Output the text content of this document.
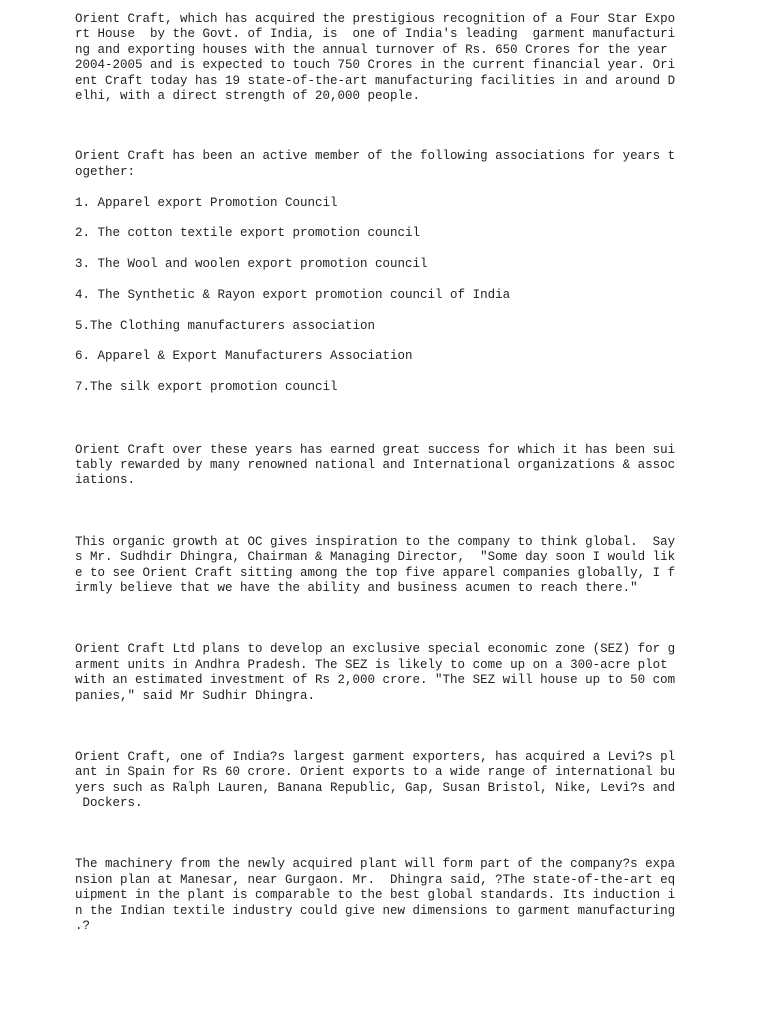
Orient Craft, which has acquired the prestigious recognition of a Four Star Expo
rt House  by the Govt. of India, is  one of India's leading  garment manufacturi
ng and exporting houses with the annual turnover of Rs. 650 Crores for the year
2004-2005 and is expected to touch 750 Crores in the current financial year. Ori
ent Craft today has 19 state-of-the-art manufacturing facilities in and around D
elhi, with a direct strength of 20,000 people.
Orient Craft has been an active member of the following associations for years t
ogether:
1. Apparel export Promotion Council
2. The cotton textile export promotion council
3. The Wool and woolen export promotion council
4. The Synthetic & Rayon export promotion council of India
5.The Clothing manufacturers association
6. Apparel & Export Manufacturers Association
7.The silk export promotion council
Orient Craft over these years has earned great success for which it has been sui
tably rewarded by many renowned national and International organizations & assoc
iations.
This organic growth at OC gives inspiration to the company to think global.  Say
s Mr. Sudhdir Dhingra, Chairman & Managing Director,  "Some day soon I would lik
e to see Orient Craft sitting among the top five apparel companies globally, I f
irmly believe that we have the ability and business acumen to reach there."
Orient Craft Ltd plans to develop an exclusive special economic zone (SEZ) for g
arment units in Andhra Pradesh. The SEZ is likely to come up on a 300-acre plot
with an estimated investment of Rs 2,000 crore. "The SEZ will house up to 50 com
panies," said Mr Sudhir Dhingra.
Orient Craft, one of India?s largest garment exporters, has acquired a Levi?s pl
ant in Spain for Rs 60 crore. Orient exports to a wide range of international bu
yers such as Ralph Lauren, Banana Republic, Gap, Susan Bristol, Nike, Levi?s and
Dockers.
The machinery from the newly acquired plant will form part of the company?s expa
nsion plan at Manesar, near Gurgaon. Mr.  Dhingra said, ?The state-of-the-art eq
uipment in the plant is comparable to the best global standards. Its induction i
n the Indian textile industry could give new dimensions to garment manufacturing
.?
